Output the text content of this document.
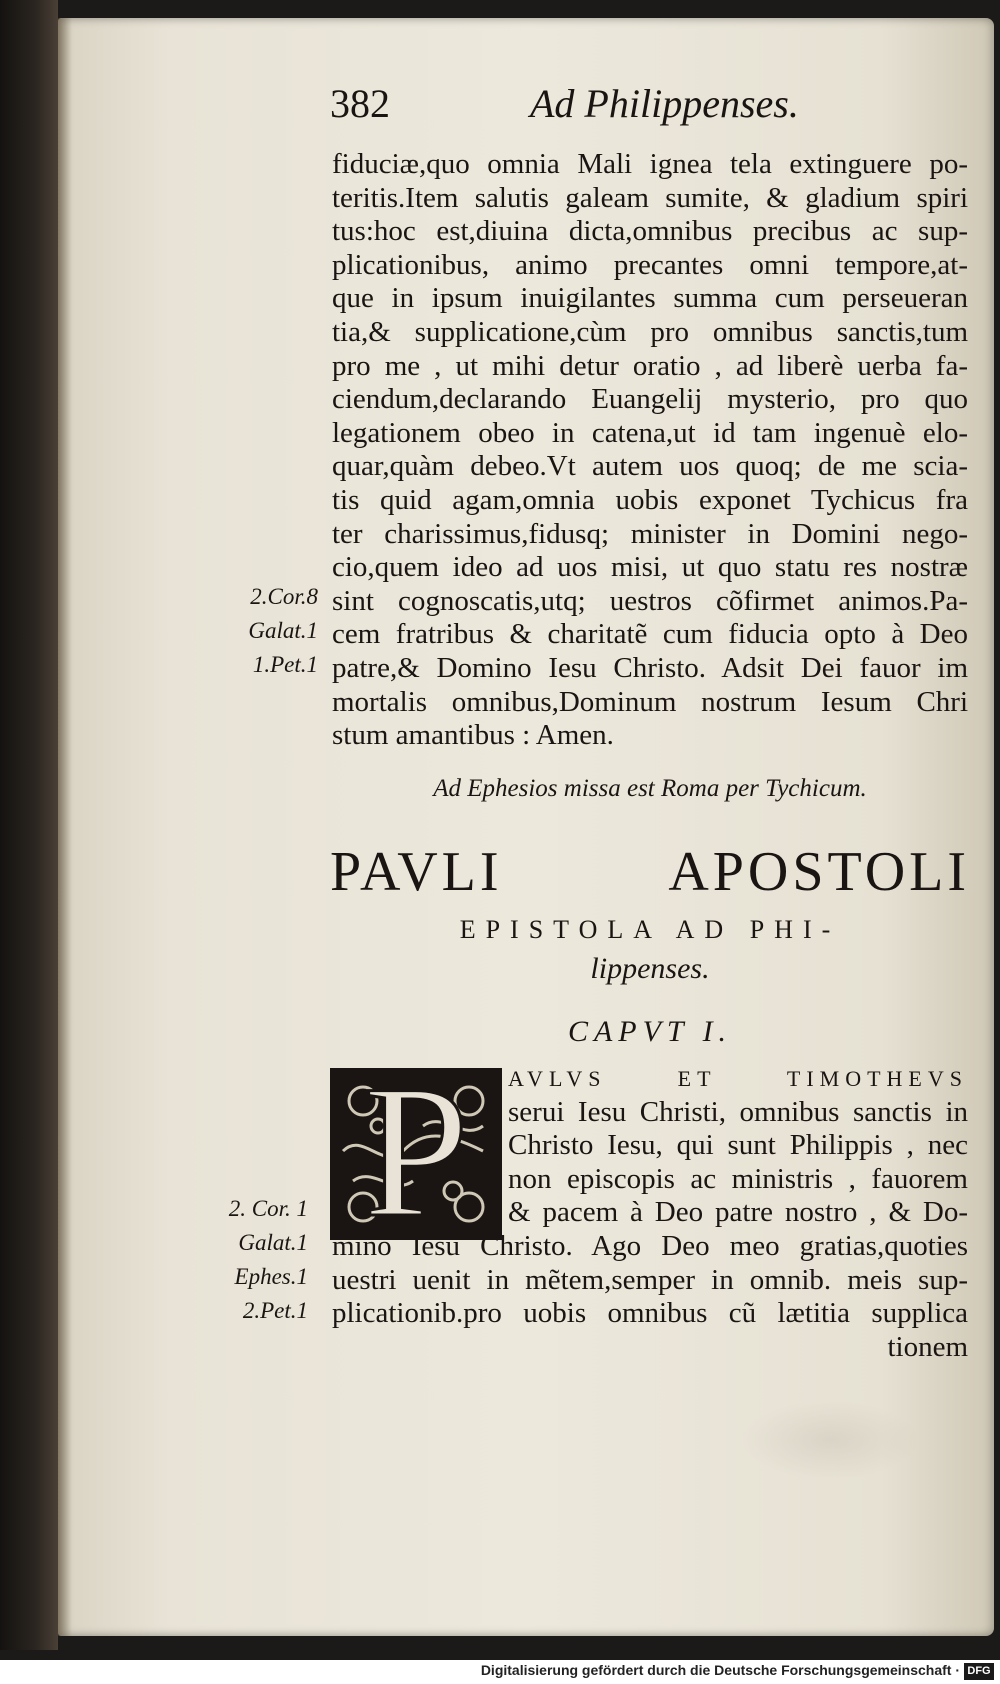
382	Ad Philippenses.
fiduciæ,quo omnia Mali ignea tela extinguere po-
teritis.Item salutis galeam sumite, & gladium spiri
tus:hoc est,diuina dicta,omnibus precibus ac sup-
plicationibus, animo precantes omni tempore,at-
que in ipsum inuigilantes summa cum perseueran
tia,& supplicatione,cùm pro omnibus sanctis,tum
pro me , ut mihi detur oratio , ad liberè uerba fa-
ciendum,declarando Euangelij mysterio, pro quo
legationem obeo in catena,ut id tam ingenuè elo-
quar,quàm debeo.Vt autem uos quoq; de me scia-
tis quid agam,omnia uobis exponet Tychicus fra
ter charissimus,fidusq; minister in Domini nego-
cio,quem ideo ad uos misi, ut quo statu res nostræ
sint cognoscatis,utq; uestros cõfirmet animos.Pa-
cem fratribus & charitatẽ cum fiducia opto à Deo
patre,& Domino Iesu Christo. Adsit Dei fauor im
mortalis omnibus,Dominum nostrum Iesum Chri
stum amantibus : Amen.
2.Cor.8
Galat.1
1.Pet.1
Ad Ephesios missa est Roma per Tychicum.
PAVLI APOSTOLI
EPISTOLA AD PHI-
lippenses.
CAPVT I.
P	AVLVS ET TIMOTHEVS
serui Iesu Christi, omnibus sanctis in
Christo Iesu, qui sunt Philippis , nec
non episcopis ac ministris , fauorem
& pacem à Deo patre nostro , & Do-
mino Iesu Christo. Ago Deo meo gratias,quoties
uestri uenit in mẽtem,semper in omnib. meis sup-
plicationib.pro uobis omnibus cũ lætitia supplica
tionem
2. Cor. 1
Galat.1
Ephes.1
2.Pet.1
Digitalisierung gefördert durch die Deutsche Forschungsgemeinschaft · DFG
